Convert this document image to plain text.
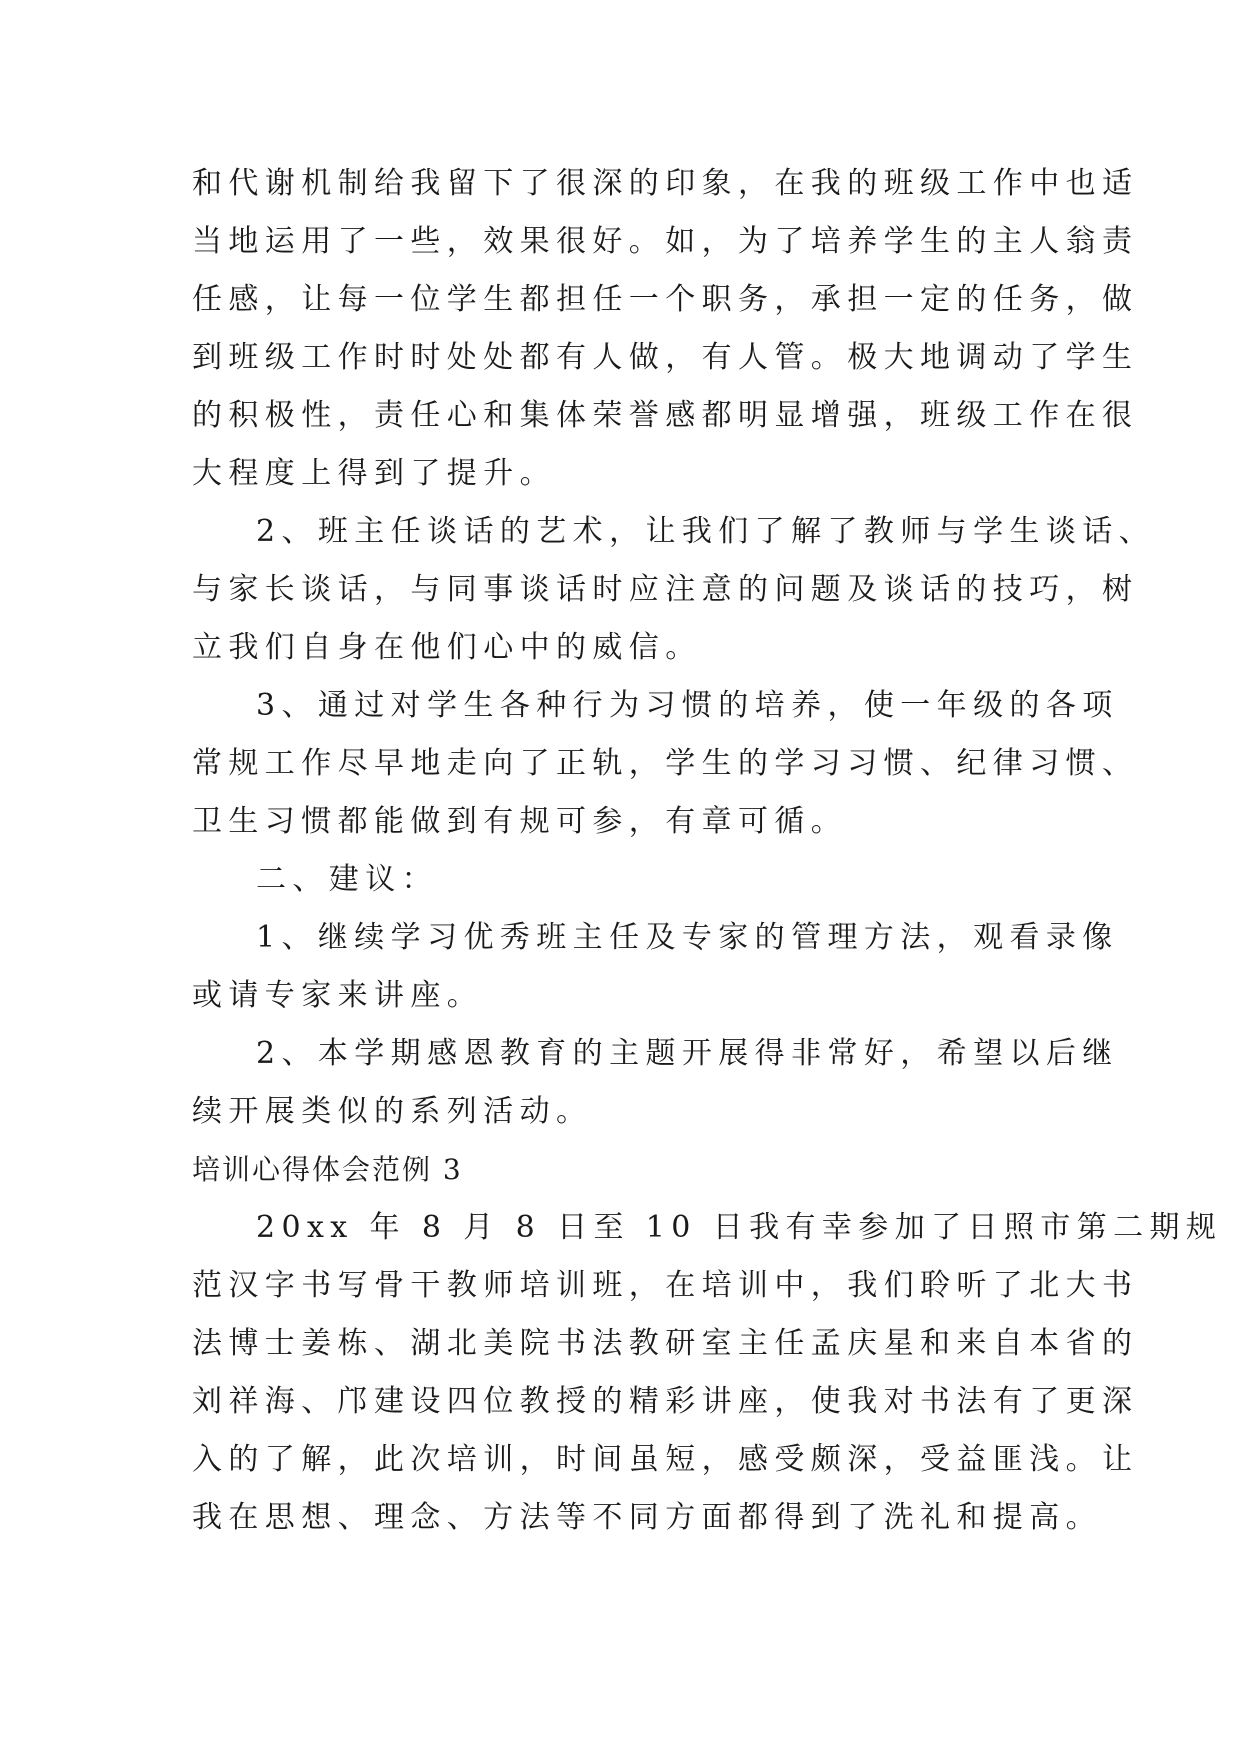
和代谢机制给我留下了很深的印象，在我的班级工作中也适
当地运用了一些，效果很好。如，为了培养学生的主人翁责
任感，让每一位学生都担任一个职务，承担一定的任务，做
到班级工作时时处处都有人做，有人管。极大地调动了学生
的积极性，责任心和集体荣誉感都明显增强，班级工作在很
大程度上得到了提升。
2、班主任谈话的艺术，让我们了解了教师与学生谈话、
与家长谈话，与同事谈话时应注意的问题及谈话的技巧，树
立我们自身在他们心中的威信。
3、通过对学生各种行为习惯的培养，使一年级的各项
常规工作尽早地走向了正轨，学生的学习习惯、纪律习惯、
卫生习惯都能做到有规可参，有章可循。
二、建议：
1、继续学习优秀班主任及专家的管理方法，观看录像
或请专家来讲座。
2、本学期感恩教育的主题开展得非常好，希望以后继
续开展类似的系列活动。
培训心得体会范例 3
20xx 年 8 月 8 日至 10 日我有幸参加了日照市第二期规
范汉字书写骨干教师培训班，在培训中，我们聆听了北大书
法博士姜栋、湖北美院书法教研室主任孟庆星和来自本省的
刘祥海、邝建设四位教授的精彩讲座，使我对书法有了更深
入的了解，此次培训，时间虽短，感受颇深，受益匪浅。让
我在思想、理念、方法等不同方面都得到了洗礼和提高。
